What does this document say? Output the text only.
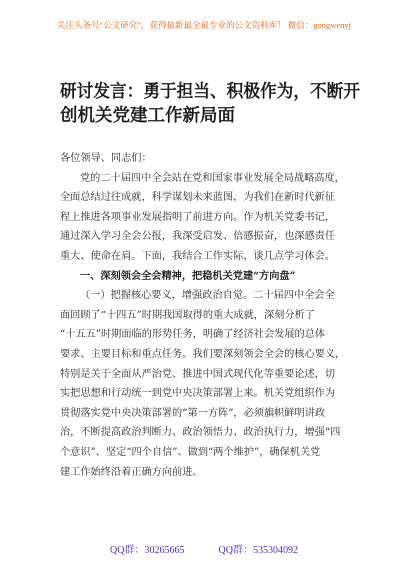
关注头条号“公文研究”，获得最新最全最专业的公文资料库！ 微信：gongwenyj
研讨发言：勇于担当、积极作为，不断开
创机关党建工作新局面
各位领导、同志们：
党的二十届四中全会站在党和国家事业发展全局战略高度，
全面总结过往成就，科学谋划未来蓝图，为我们在新时代新征
程上推进各项事业发展指明了前进方向。作为机关党委书记，
通过深入学习全会公报，我深受启发、倍感振奋，也深感责任
重大、使命在肩。下面，我结合工作实际，谈几点学习体会。
一、深刻领会全会精神，把稳机关党建“方向盘”
（一）把握核心要义，增强政治自觉。二十届四中全会全
面回顾了“十四五”时期我国取得的重大成就，深刻分析了
“十五五”时期面临的形势任务，明确了经济社会发展的总体
要求、主要目标和重点任务。我们要深刻领会全会的核心要义，
特别是关于全面从严治党、推进中国式现代化等重要论述，切
实把思想和行动统一到党中央决策部署上来。机关党组织作为
贯彻落实党中央决策部署的“第一方阵”，必须旗帜鲜明讲政
治，不断提高政治判断力、政治领悟力、政治执行力，增强“四
个意识”、坚定“四个自信”、做到“两个维护”，确保机关党
建工作始终沿着正确方向前进。
QQ群：30265665	QQ群：535304092
